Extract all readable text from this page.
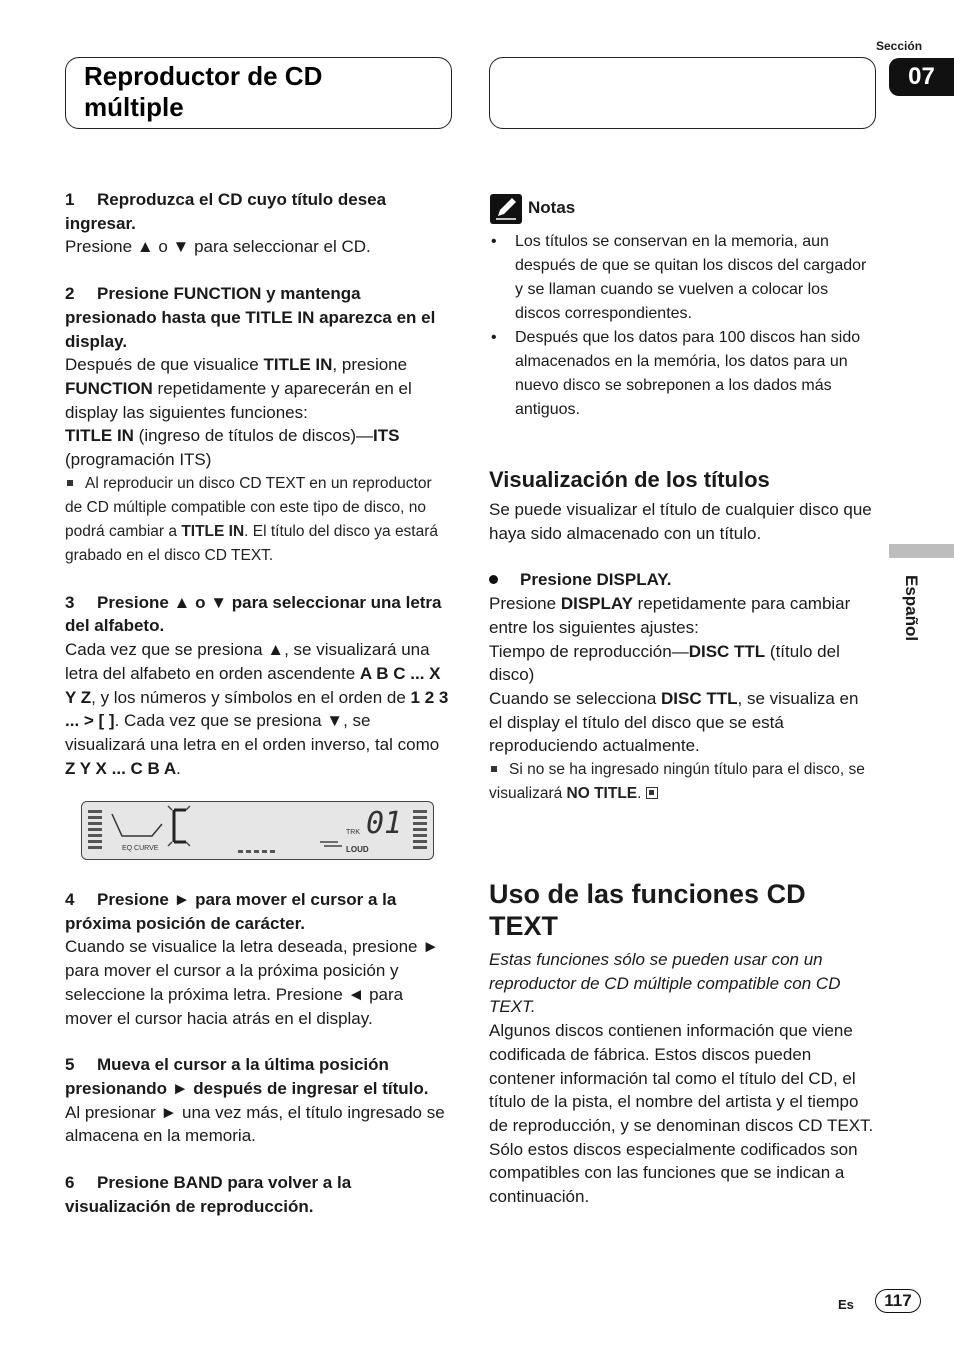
Reproductor de CD múltiple
Sección
07

1 Reproduzca el CD cuyo título desea ingresar.

Presione ▲ o ▼ para seleccionar el CD.

2 Presione FUNCTION y mantenga presionado hasta que TITLE IN aparezca en el display.

Después de que visualice TITLE IN, presione FUNCTION repetidamente y aparecerán en el display las siguientes funciones:

TITLE IN (ingreso de títulos de discos)—ITS (programación ITS)

Al reproducir un disco CD TEXT en un reproductor de CD múltiple compatible con este tipo de disco, no podrá cambiar a TITLE IN. El título del disco ya estará grabado en el disco CD TEXT.

3 Presione ▲ o ▼ para seleccionar una letra del alfabeto.

Cada vez que se presiona ▲, se visualizará una letra del alfabeto en orden ascendente A B C ... X Y Z, y los números y símbolos en el orden de 1 2 3 ... > [ ]. Cada vez que se presiona ▼, se visualizará una letra en el orden inverso, tal como Z Y X ... C B A.

EQ CURVE
TRK 01
LOUD

4 Presione ► para mover el cursor a la próxima posición de carácter.

Cuando se visualice la letra deseada, presione ► para mover el cursor a la próxima posición y seleccione la próxima letra. Presione ◄ para mover el cursor hacia atrás en el display.

5 Mueva el cursor a la última posición presionando ► después de ingresar el título.

Al presionar ► una vez más, el título ingresado se almacena en la memoria.

6 Presione BAND para volver a la visualización de reproducción.

Notas
• Los títulos se conservan en la memoria, aun después de que se quitan los discos del cargador y se llaman cuando se vuelven a colocar los discos correspondientes.
• Después que los datos para 100 discos han sido almacenados en la memória, los datos para un nuevo disco se sobreponen a los dados más antiguos.
Visualización de los títulos

Se puede visualizar el título de cualquier disco que haya sido almacenado con un título.

Presione DISPLAY.

Presione DISPLAY repetidamente para cambiar entre los siguientes ajustes:

Tiempo de reproducción—DISC TTL (título del disco)

Cuando se selecciona DISC TTL, se visualiza en el display el título del disco que se está reproduciendo actualmente.

Si no se ha ingresado ningún título para el disco, se visualizará NO TITLE.

Uso de las funciones CD TEXT

Estas funciones sólo se pueden usar con un reproductor de CD múltiple compatible con CD TEXT.

Algunos discos contienen información que viene codificada de fábrica. Estos discos pueden contener información tal como el título del CD, el título de la pista, el nombre del artista y el tiempo de reproducción, y se denominan discos CD TEXT. Sólo estos discos especialmente codificados son compatibles con las funciones que se indican a continuación.

Español
Es	117
